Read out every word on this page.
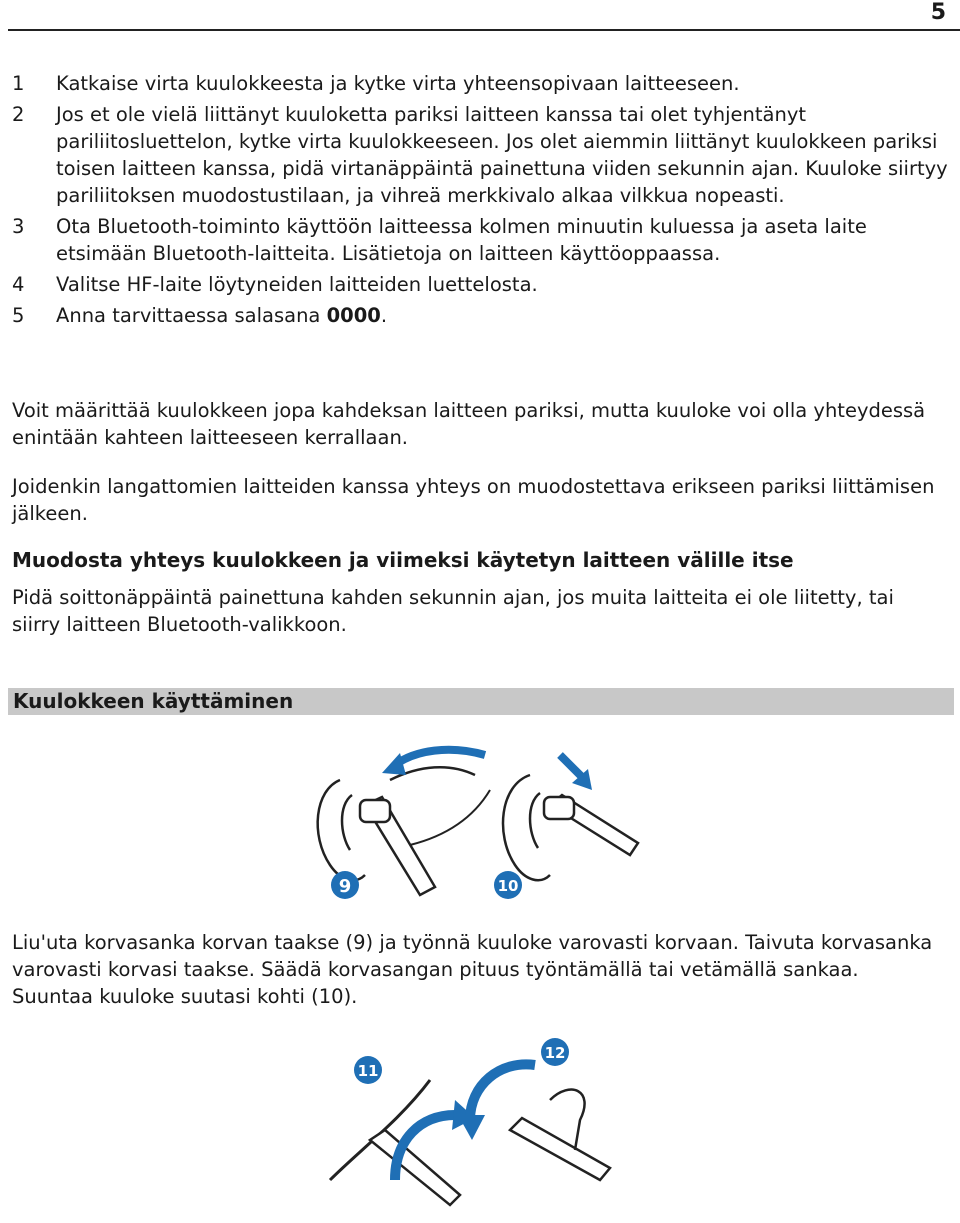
5
1	Katkaise virta kuulokkeesta ja kytke virta yhteensopivaan laitteeseen.
2	Jos et ole vielä liittänyt kuuloketta pariksi laitteen kanssa tai olet tyhjentänyt pariliitosluettelon, kytke virta kuulokkeeseen. Jos olet aiemmin liittänyt kuulokkeen pariksi toisen laitteen kanssa, pidä virtanäppäintä painettuna viiden sekunnin ajan. Kuuloke siirtyy pariliitoksen muodostustilaan, ja vihreä merkkivalo alkaa vilkkua nopeasti.
3	Ota Bluetooth-toiminto käyttöön laitteessa kolmen minuutin kuluessa ja aseta laite etsimään Bluetooth-laitteita. Lisätietoja on laitteen käyttöoppaassa.
4	Valitse HF-laite löytyneiden laitteiden luettelosta.
5	Anna tarvittaessa salasana 0000.
Voit määrittää kuulokkeen jopa kahdeksan laitteen pariksi, mutta kuuloke voi olla yhteydessä enintään kahteen laitteeseen kerrallaan.
Joidenkin langattomien laitteiden kanssa yhteys on muodostettava erikseen pariksi liittämisen jälkeen.
Muodosta yhteys kuulokkeen ja viimeksi käytetyn laitteen välille itse
Pidä soittonäppäintä painettuna kahden sekunnin ajan, jos muita laitteita ei ole liitetty, tai siirry laitteen Bluetooth-valikkoon.
Kuulokkeen käyttäminen
9	10
Liu'uta korvasanka korvan taakse (9) ja työnnä kuuloke varovasti korvaan. Taivuta korvasanka varovasti korvasi taakse. Säädä korvasangan pituus työntämällä tai vetämällä sankaa. Suuntaa kuuloke suutasi kohti (10).
11
12
